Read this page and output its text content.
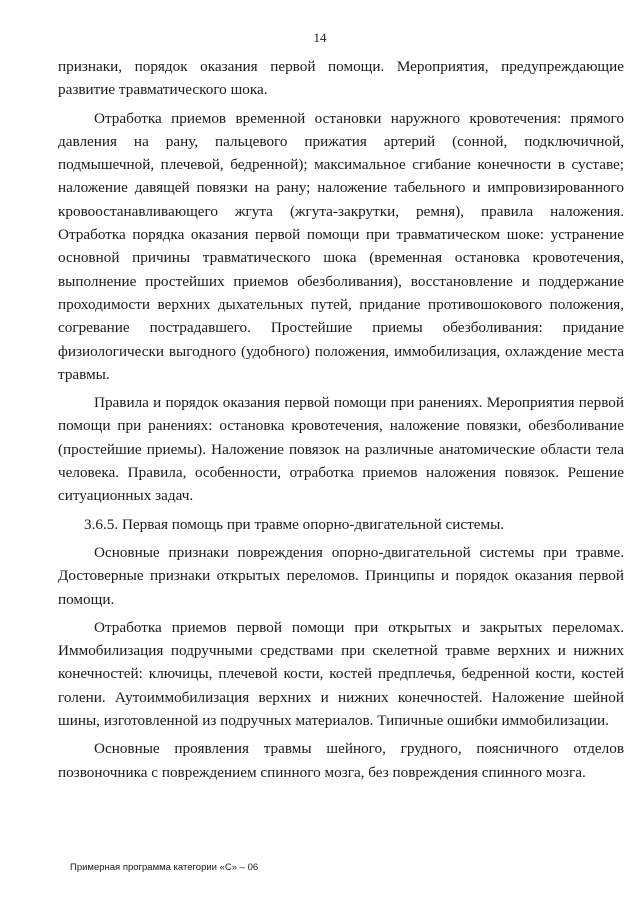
14

признаки, порядок оказания первой помощи. Мероприятия, предупреждающие развитие травматического шока.

Отработка приемов временной остановки наружного кровотечения: прямого давления на рану, пальцевого прижатия артерий (сонной, подключичной, подмышечной, плечевой, бедренной); максимальное сгибание конечности в суставе; наложение давящей повязки на рану; наложение табельного и импровизированного кровоостанавливающего жгута (жгута-закрутки, ремня), правила наложения. Отработка порядка оказания первой помощи при травматическом шоке: устранение основной причины травматического шока (временная остановка кровотечения, выполнение простейших приемов обезболивания), восстановление и поддержание проходимости верхних дыхательных путей, придание противошокового положения, согревание пострадавшего. Простейшие приемы обезболивания: придание физиологически выгодного (удобного) положения, иммобилизация, охлаждение места травмы.

Правила и порядок оказания первой помощи при ранениях. Мероприятия первой помощи при ранениях: остановка кровотечения, наложение повязки, обезболивание (простейшие приемы). Наложение повязок на различные анатомические области тела человека. Правила, особенности, отработка приемов наложения повязок. Решение ситуационных задач.

3.6.5. Первая помощь при травме опорно-двигательной системы.

Основные признаки повреждения опорно-двигательной системы при травме. Достоверные признаки открытых переломов. Принципы и порядок оказания первой помощи.

Отработка приемов первой помощи при открытых и закрытых переломах. Иммобилизация подручными средствами при скелетной травме верхних и нижних конечностей: ключицы, плечевой кости, костей предплечья, бедренной кости, костей голени. Аутоиммобилизация верхних и нижних конечностей. Наложение шейной шины, изготовленной из подручных материалов. Типичные ошибки иммобилизации.

Основные проявления травмы шейного, грудного, поясничного отделов позвоночника с повреждением спинного мозга, без повреждения спинного мозга.

Примерная программа категории «С» – 06
